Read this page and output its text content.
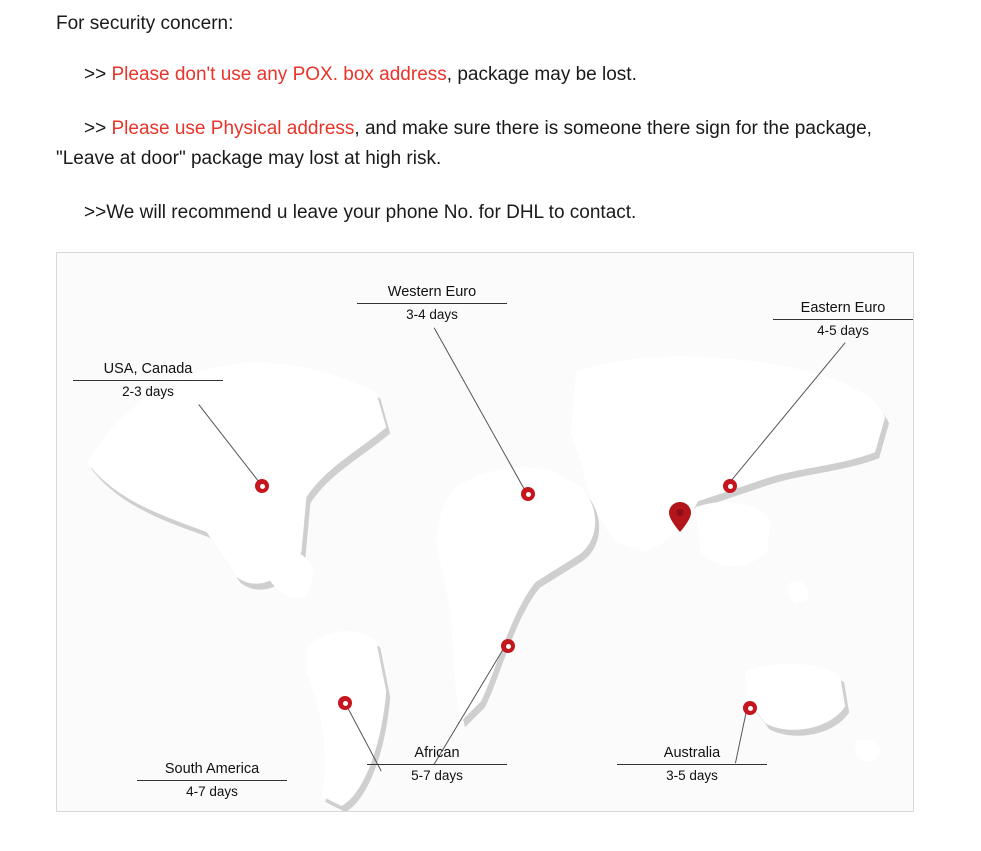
For security concern:

>> Please don't use any POX. box address, package may be lost.

>> Please use Physical address, and make sure there is someone there sign for the package, "Leave at door" package may lost at high risk.

>>We will recommend u leave your phone No. for DHL to contact.

USA, Canada
2-3 days
Western Euro
3-4 days	Eastern Euro
4-5 days
South America
4-7 days
African
5-7 days
Australia
3-5 days
